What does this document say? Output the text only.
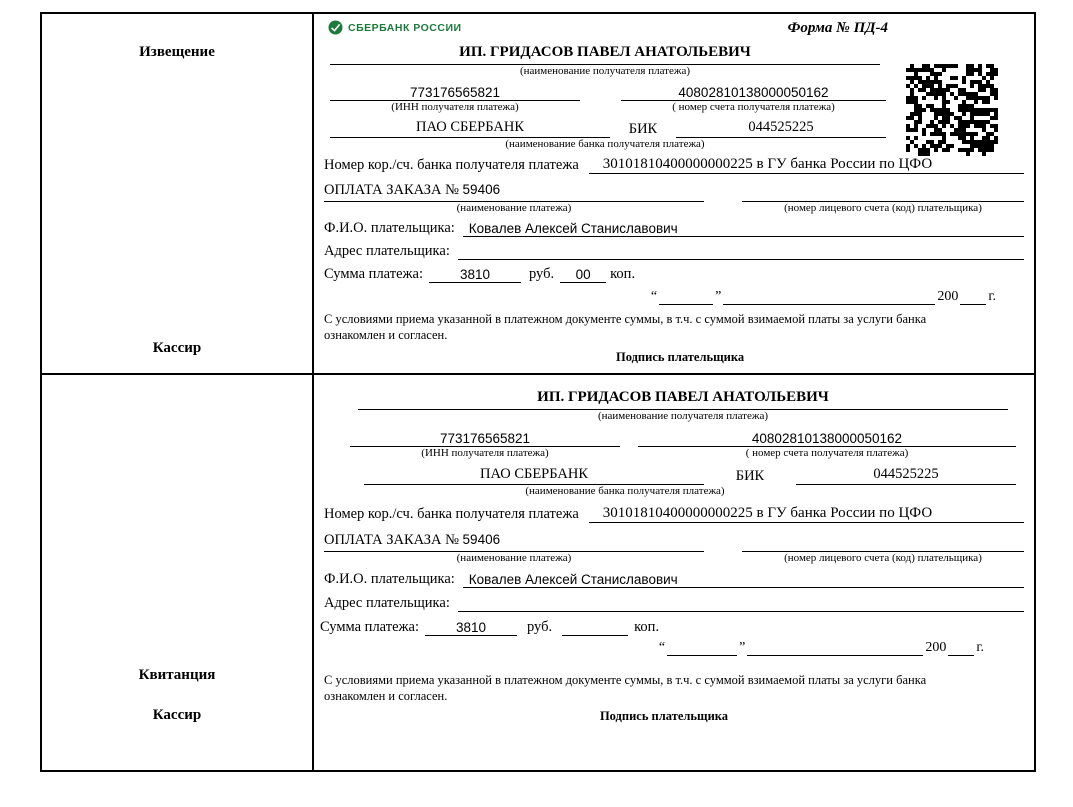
Извещение
Кассир
СБЕРБАНК РОССИИ	Форма № ПД-4
ИП. ГРИДАСОВ ПАВЕЛ АНАТОЛЬЕВИЧ
(наименование получателя платежа)
773176565821	40802810138000050162
(ИНН получателя платежа)	( номер счета получателя платежа)
ПАО СБЕРБАНК	БИК	044525225
(наименование банка получателя платежа)
Номер кор./сч. банка получателя платежа	30101810400000000225 в ГУ банка России по ЦФО
ОПЛАТА ЗАКАЗА № 59406
(наименование платежа)	(номер лицевого счета (код) плательщика)
Ф.И.О. плательщика:	Ковалев Алексей Станиславович
Адрес плательщика:
Сумма платежа:	3810	руб.	00	коп.
“	”	200 г.
С условиями приема указанной в платежном документе суммы, в т.ч. с суммой взимаемой платы за услуги банка ознакомлен и согласен.
Подпись плательщика
Квитанция
Кассир
ИП. ГРИДАСОВ ПАВЕЛ АНАТОЛЬЕВИЧ
(наименование получателя платежа)
773176565821	40802810138000050162
(ИНН получателя платежа)	( номер счета получателя платежа)
ПАО СБЕРБАНК	БИК	044525225
(наименование банка получателя платежа)
Номер кор./сч. банка получателя платежа	30101810400000000225 в ГУ банка России по ЦФО
ОПЛАТА ЗАКАЗА № 59406
(наименование платежа)	(номер лицевого счета (код) плательщика)
Ф.И.О. плательщика:	Ковалев Алексей Станиславович
Адрес плательщика:
Сумма платежа:	3810	руб.	коп.
“	”	200 г.
С условиями приема указанной в платежном документе суммы, в т.ч. с суммой взимаемой платы за услуги банка ознакомлен и согласен.
Подпись плательщика
